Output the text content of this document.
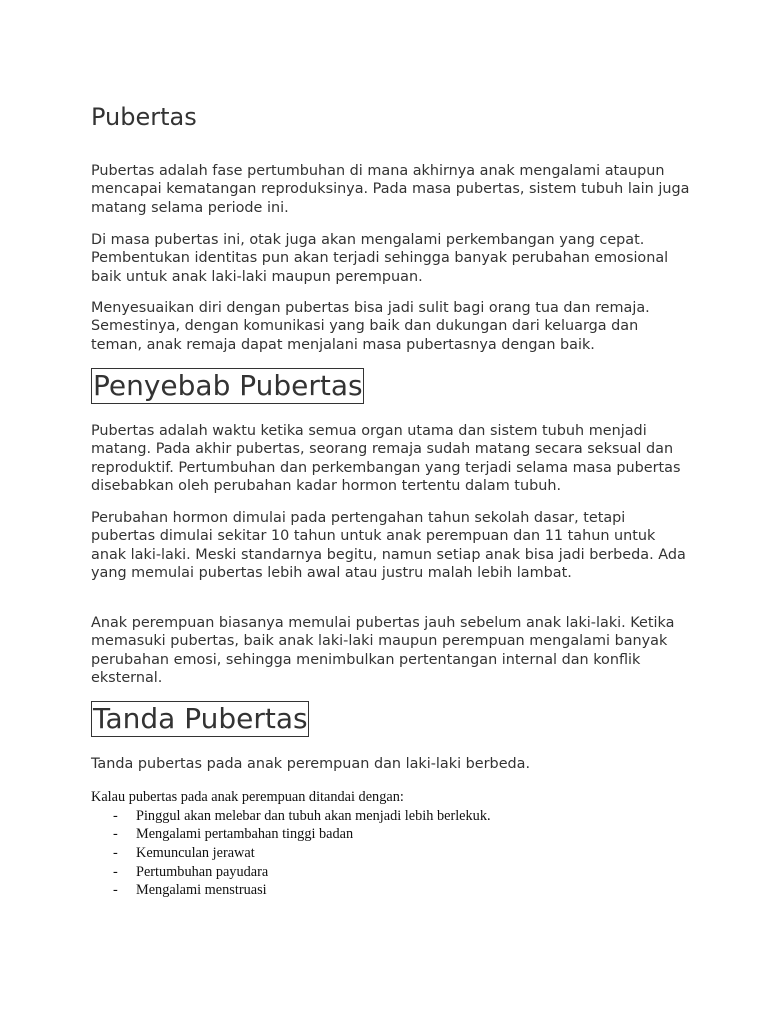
Pubertas

Pubertas adalah fase pertumbuhan di mana akhirnya anak mengalami ataupun mencapai kematangan reproduksinya. Pada masa pubertas, sistem tubuh lain juga matang selama periode ini.

Di masa pubertas ini, otak juga akan mengalami perkembangan yang cepat. Pembentukan identitas pun akan terjadi sehingga banyak perubahan emosional baik untuk anak laki-laki maupun perempuan.

Menyesuaikan diri dengan pubertas bisa jadi sulit bagi orang tua dan remaja. Semestinya, dengan komunikasi yang baik dan dukungan dari keluarga dan teman, anak remaja dapat menjalani masa pubertasnya dengan baik.

Penyebab Pubertas

Pubertas adalah waktu ketika semua organ utama dan sistem tubuh menjadi matang. Pada akhir pubertas, seorang remaja sudah matang secara seksual dan reproduktif. Pertumbuhan dan perkembangan yang terjadi selama masa pubertas disebabkan oleh perubahan kadar hormon tertentu dalam tubuh.

Perubahan hormon dimulai pada pertengahan tahun sekolah dasar, tetapi pubertas dimulai sekitar 10 tahun untuk anak perempuan dan 11 tahun untuk anak laki-laki. Meski standarnya begitu, namun setiap anak bisa jadi berbeda. Ada yang memulai pubertas lebih awal atau justru malah lebih lambat.

Anak perempuan biasanya memulai pubertas jauh sebelum anak laki-laki. Ketika memasuki pubertas, baik anak laki-laki maupun perempuan mengalami banyak perubahan emosi, sehingga menimbulkan pertentangan internal dan konflik eksternal.

Tanda Pubertas

Tanda pubertas pada anak perempuan dan laki-laki berbeda.

Kalau pubertas pada anak perempuan ditandai dengan:

- Pinggul akan melebar dan tubuh akan menjadi lebih berlekuk.
- Mengalami pertambahan tinggi badan
- Kemunculan jerawat
- Pertumbuhan payudara
- Mengalami menstruasi
